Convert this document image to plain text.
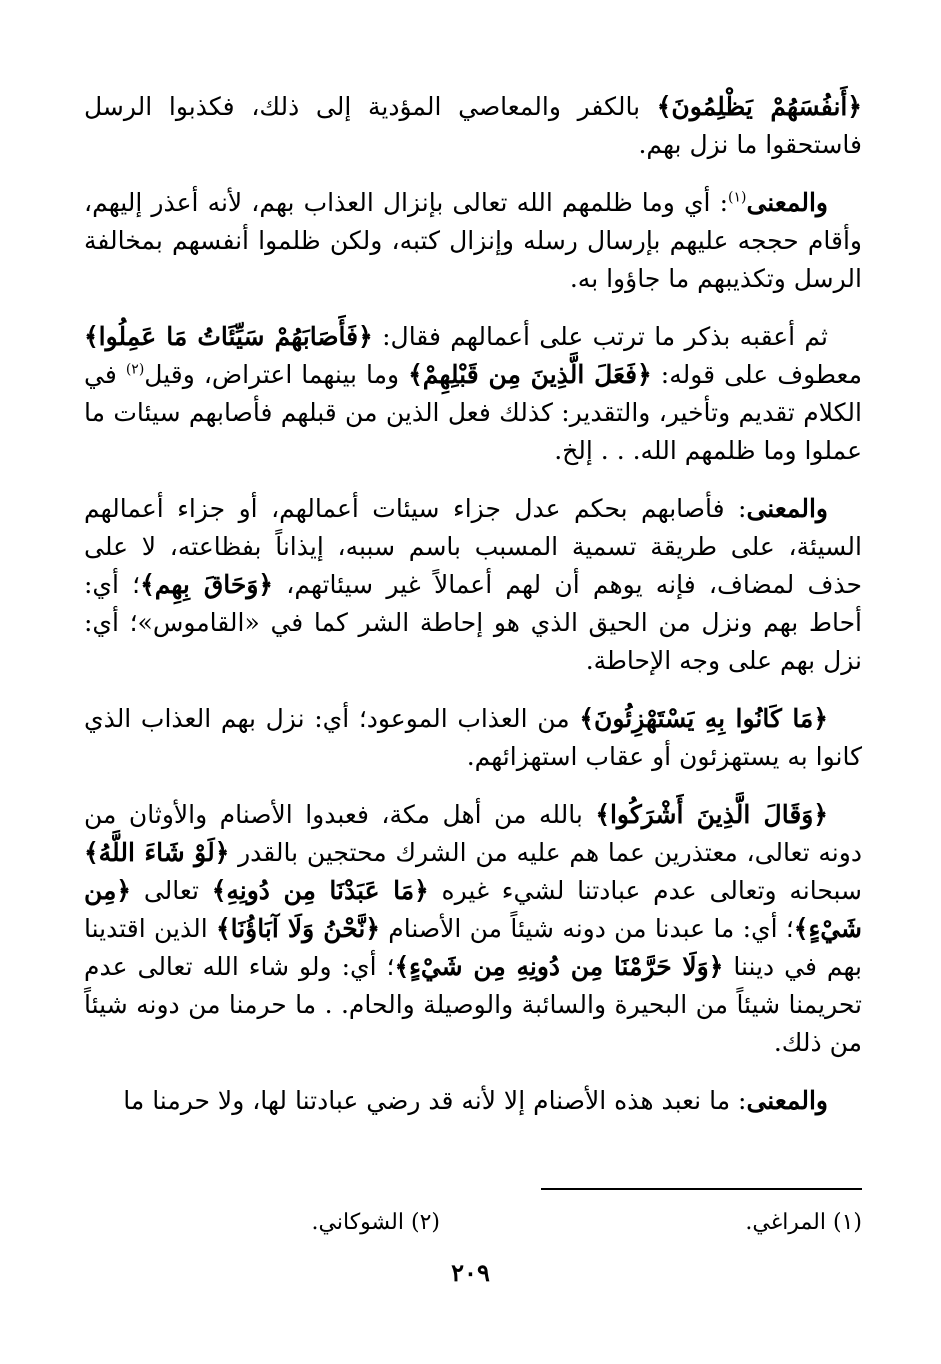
﴿أَنفُسَهُمْ يَظْلِمُونَ﴾ بالكفر والمعاصي المؤدية إلى ذلك، فكذبوا الرسل فاستحقوا ما نزل بهم.

والمعنى$^{(١)}$: أي وما ظلمهم الله تعالى بإنزال العذاب بهم، لأنه أعذر إليهم، وأقام حججه عليهم بإرسال رسله وإنزال كتبه، ولكن ظلموا أنفسهم بمخالفة الرسل وتكذيبهم ما جاؤوا به.

ثم أعقبه بذكر ما ترتب على أعمالهم فقال: ﴿فَأَصَابَهُمْ سَيِّئَاتُ مَا عَمِلُوا﴾ معطوف على قوله: ﴿فَعَلَ الَّذِينَ مِن قَبْلِهِمْ﴾ وما بينهما اعتراض، وقيل$^{(٢)}$ في الكلام تقديم وتأخير، والتقدير: كذلك فعل الذين من قبلهم فأصابهم سيئات ما عملوا وما ظلمهم الله. . . إلخ.

والمعنى: فأصابهم بحكم عدل جزاء سيئات أعمالهم، أو جزاء أعمالهم السيئة، على طريقة تسمية المسبب باسم سببه، إيذاناً بفظاعته، لا على حذف لمضاف، فإنه يوهم أن لهم أعمالاً غير سيئاتهم، ﴿وَحَاقَ بِهِم﴾؛ أي: أحاط بهم ونزل من الحيق الذي هو إحاطة الشر كما في «القاموس»؛ أي: نزل بهم على وجه الإحاطة.

﴿مَا كَانُوا بِهِ يَسْتَهْزِئُونَ﴾ من العذاب الموعود؛ أي: نزل بهم العذاب الذي كانوا به يستهزئون أو عقاب استهزائهم.

﴿وَقَالَ الَّذِينَ أَشْرَكُوا﴾ بالله من أهل مكة، فعبدوا الأصنام والأوثان من دونه تعالى، معتذرين عما هم عليه من الشرك محتجين بالقدر ﴿لَوْ شَاءَ اللَّهُ﴾ سبحانه وتعالى عدم عبادتنا لشيء غيره ﴿مَا عَبَدْنَا مِن دُونِهِ﴾ تعالى ﴿مِن شَيْءٍ﴾؛ أي: ما عبدنا من دونه شيئاً من الأصنام ﴿نَّحْنُ وَلَا آبَاؤُنَا﴾ الذين اقتدينا بهم في ديننا ﴿وَلَا حَرَّمْنَا مِن دُونِهِ مِن شَيْءٍ﴾؛ أي: ولو شاء الله تعالى عدم تحريمنا شيئاً من البحيرة والسائبة والوصيلة والحام. . ما حرمنا من دونه شيئاً من ذلك.

والمعنى: ما نعبد هذه الأصنام إلا لأنه قد رضي عبادتنا لها، ولا حرمنا ما

(١) المراغي.
(٢) الشوكاني.
٢٠٩
